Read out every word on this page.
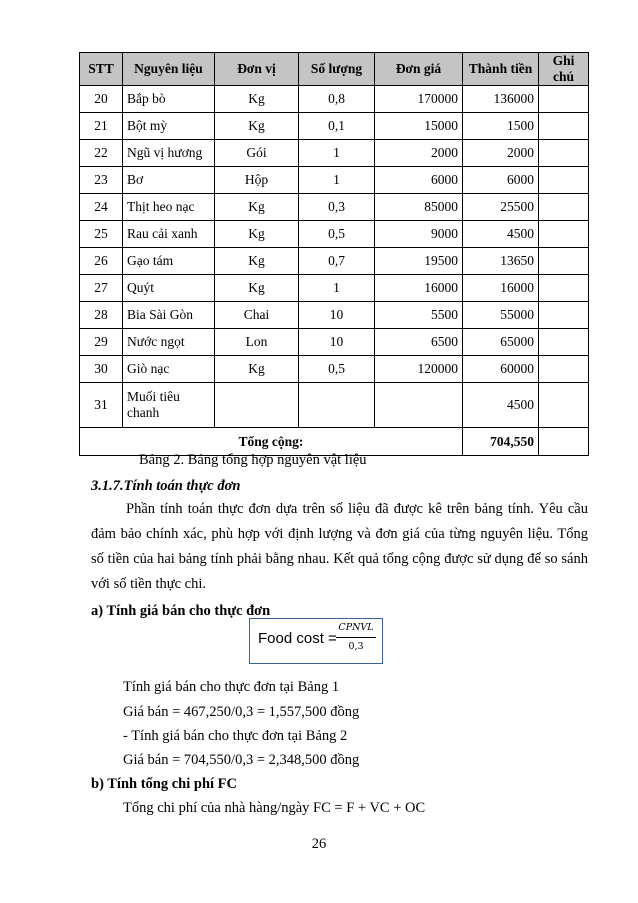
STT	Nguyên liệu	Đơn vị	Số lượng	Đơn giá	Thành tiền	Ghi chú
20	Bắp bò	Kg	0,8	170000	136000	
21	Bột mỳ	Kg	0,1	15000	1500	
22	Ngũ vị hương	Gói	1	2000	2000	
23	Bơ	Hộp	1	6000	6000	
24	Thịt heo nạc	Kg	0,3	85000	25500	
25	Rau cải xanh	Kg	0,5	9000	4500	
26	Gạo tám	Kg	0,7	19500	13650	
27	Quýt	Kg	1	16000	16000	
28	Bia Sài Gòn	Chai	10	5500	55000	
29	Nước ngọt	Lon	10	6500	65000	
30	Giò nạc	Kg	0,5	120000	60000	
31	Muối tiêu chanh				4500	
Tổng cộng:					704,550	
Bảng 2. Bảng tổng hợp nguyên vật liệu
3.1.7.Tính toán thực đơn
Phần tính toán thực đơn dựa trên số liệu đã được kê trên bảng tính. Yêu cầu đảm bảo chính xác, phù hợp với định lượng và đơn giá của từng nguyên liệu. Tổng số tiền của hai bảng tính phải bằng nhau. Kết quả tổng cộng được sử dụng để so sánh với số tiền thực chi.
a) Tính giá bán cho thực đơn
Food cost =
CPNVL
0,3
Tính giá bán cho thực đơn tại Bảng 1
Giá bán = 467,250/0,3 = 1,557,500 đồng
- Tính giá bán cho thực đơn tại Bảng 2
Giá bán = 704,550/0,3 = 2,348,500 đồng
b) Tính tổng chi phí FC
Tổng chi phí của nhà hàng/ngày FC = F + VC + OC
26
